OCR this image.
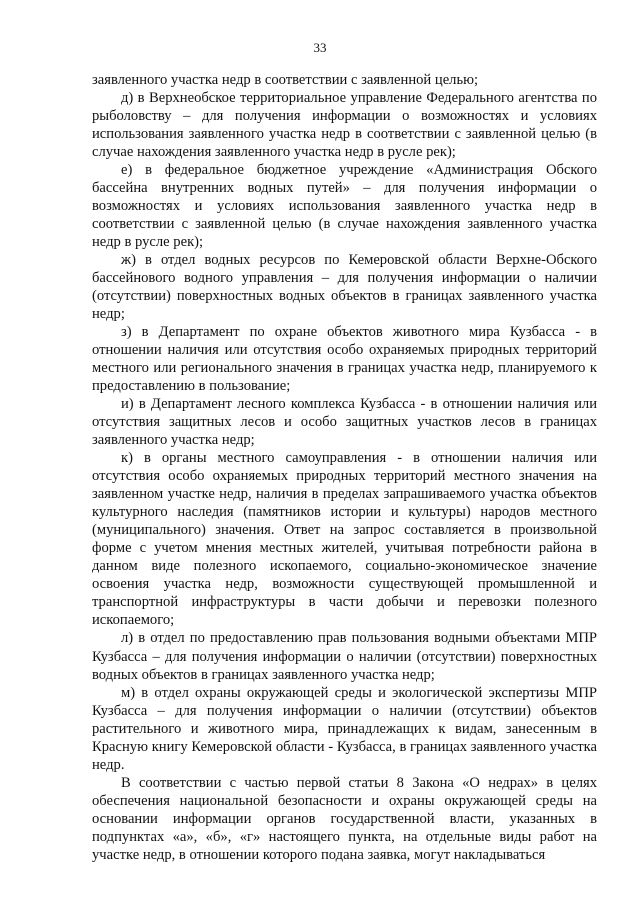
33

заявленного участка недр в соответствии с заявленной целью;

д) в Верхнеобское территориальное управление Федерального агентства по рыболовству – для получения информации о возможностях и условиях использования заявленного участка недр в соответствии с заявленной целью (в случае нахождения заявленного участка недр в русле рек);

е) в федеральное бюджетное учреждение «Администрация Обского бассейна внутренних водных путей» – для получения информации о возможностях и условиях использования заявленного участка недр в соответствии с заявленной целью (в случае нахождения заявленного участка недр в русле рек);

ж) в отдел водных ресурсов по Кемеровской области Верхне-Обского бассейнового водного управления – для получения информации о наличии (отсутствии) поверхностных водных объектов в границах заявленного участка недр;

з) в Департамент по охране объектов животного мира Кузбасса - в отношении наличия или отсутствия особо охраняемых природных территорий местного или регионального значения в границах участка недр, планируемого к предоставлению в пользование;

и) в Департамент лесного комплекса Кузбасса - в отношении наличия или отсутствия защитных лесов и особо защитных участков лесов в границах заявленного участка недр;

к) в органы местного самоуправления - в отношении наличия или отсутствия особо охраняемых природных территорий местного значения на заявленном участке недр, наличия в пределах запрашиваемого участка объектов культурного наследия (памятников истории и культуры) народов местного (муниципального) значения. Ответ на запрос составляется в произвольной форме с учетом мнения местных жителей, учитывая потребности района в данном виде полезного ископаемого, социально-экономическое значение освоения участка недр, возможности существующей промышленной и транспортной инфраструктуры в части добычи и перевозки полезного ископаемого;

л) в отдел по предоставлению прав пользования водными объектами МПР Кузбасса – для получения информации о наличии (отсутствии) поверхностных водных объектов в границах заявленного участка недр;

м) в отдел охраны окружающей среды и экологической экспертизы МПР Кузбасса – для получения информации о наличии (отсутствии) объектов растительного и животного мира, принадлежащих к видам, занесенным в Красную книгу Кемеровской области - Кузбасса, в границах заявленного участка недр.

В соответствии с частью первой статьи 8 Закона «О недрах» в целях обеспечения национальной безопасности и охраны окружающей среды на основании информации органов государственной власти, указанных в подпунктах «а», «б», «г» настоящего пункта, на отдельные виды работ на участке недр, в отношении которого подана заявка, могут накладываться
